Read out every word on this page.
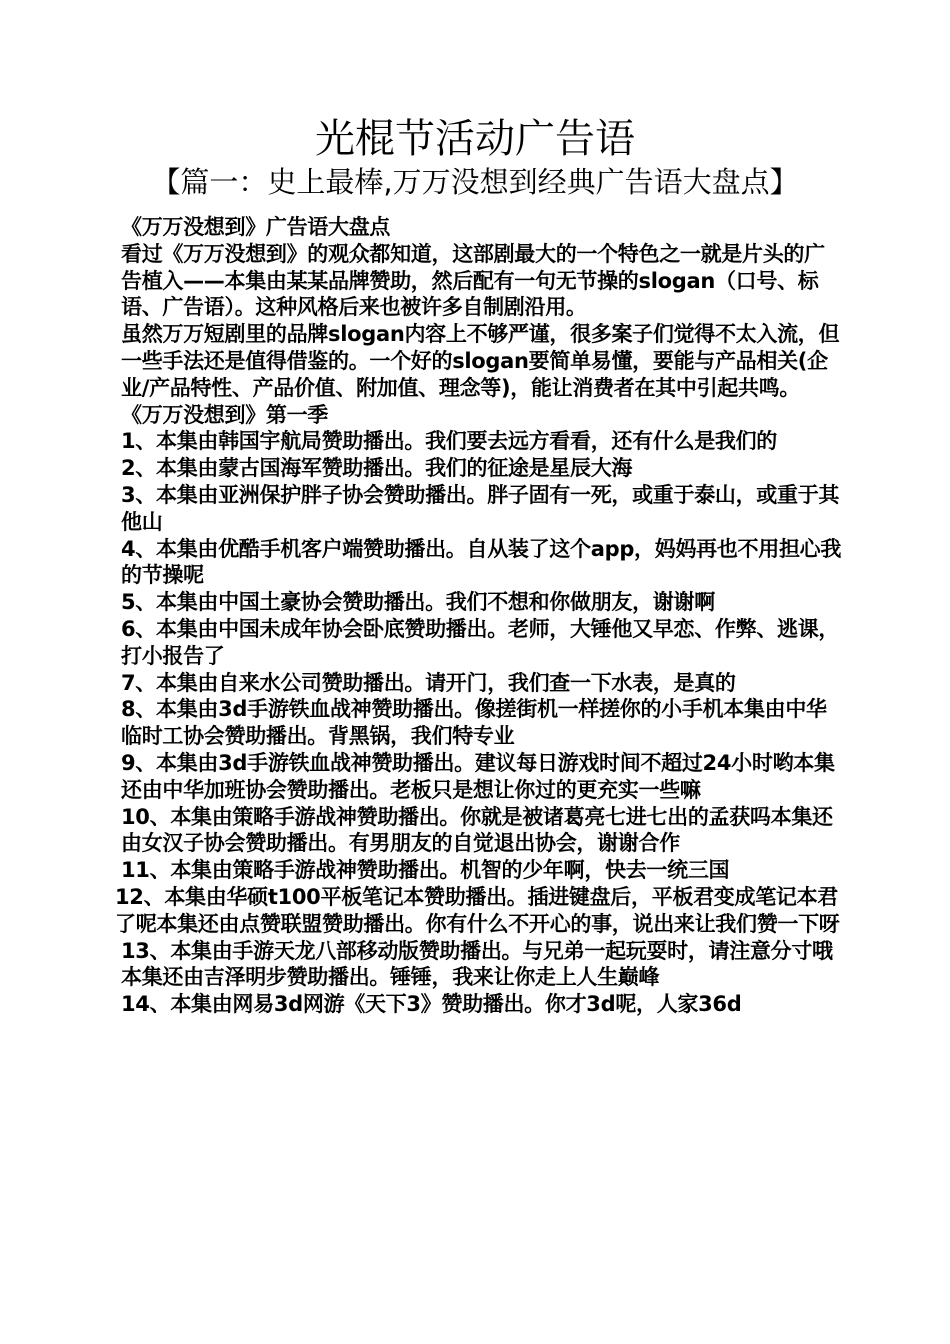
光棍节活动广告语
【篇一：史上最棒,万万没想到经典广告语大盘点】

《万万没想到》广告语大盘点

看过《万万没想到》的观众都知道，这部剧最大的一个特色之一就是片头的广告植入——本集由某某品牌赞助，然后配有一句无节操的slogan（口号、标语、广告语）。这种风格后来也被许多自制剧沿用。

虽然万万短剧里的品牌slogan内容上不够严谨，很多案子们觉得不太入流，但一些手法还是值得借鉴的。一个好的slogan要简单易懂，要能与产品相关(企业/产品特性、产品价值、附加值、理念等)，能让消费者在其中引起共鸣。

《万万没想到》第一季

1、本集由韩国宇航局赞助播出。我们要去远方看看，还有什么是我们的

2、本集由蒙古国海军赞助播出。我们的征途是星辰大海

3、本集由亚洲保护胖子协会赞助播出。胖子固有一死，或重于泰山，或重于其他山

4、本集由优酷手机客户端赞助播出。自从装了这个app，妈妈再也不用担心我的节操呢

5、本集由中国土豪协会赞助播出。我们不想和你做朋友，谢谢啊

6、本集由中国未成年协会卧底赞助播出。老师，大锤他又早恋、作弊、逃课，打小报告了

7、本集由自来水公司赞助播出。请开门，我们查一下水表，是真的

8、本集由3d手游铁血战神赞助播出。像搓街机一样搓你的小手机本集由中华临时工协会赞助播出。背黑锅，我们特专业

9、本集由3d手游铁血战神赞助播出。建议每日游戏时间不超过24小时哟本集还由中华加班协会赞助播出。老板只是想让你过的更充实一些嘛

10、本集由策略手游战神赞助播出。你就是被诸葛亮七进七出的孟获吗本集还由女汉子协会赞助播出。有男朋友的自觉退出协会，谢谢合作

11、本集由策略手游战神赞助播出。机智的少年啊，快去一统三国

12、本集由华硕t100平板笔记本赞助播出。插进键盘后，平板君变成笔记本君了呢本集还由点赞联盟赞助播出。你有什么不开心的事，说出来让我们赞一下呀

13、本集由手游天龙八部移动版赞助播出。与兄弟一起玩耍时，请注意分寸哦本集还由吉泽明步赞助播出。锤锤，我来让你走上人生巅峰

14、本集由网易3d网游《天下3》赞助播出。你才3d呢，人家36d
